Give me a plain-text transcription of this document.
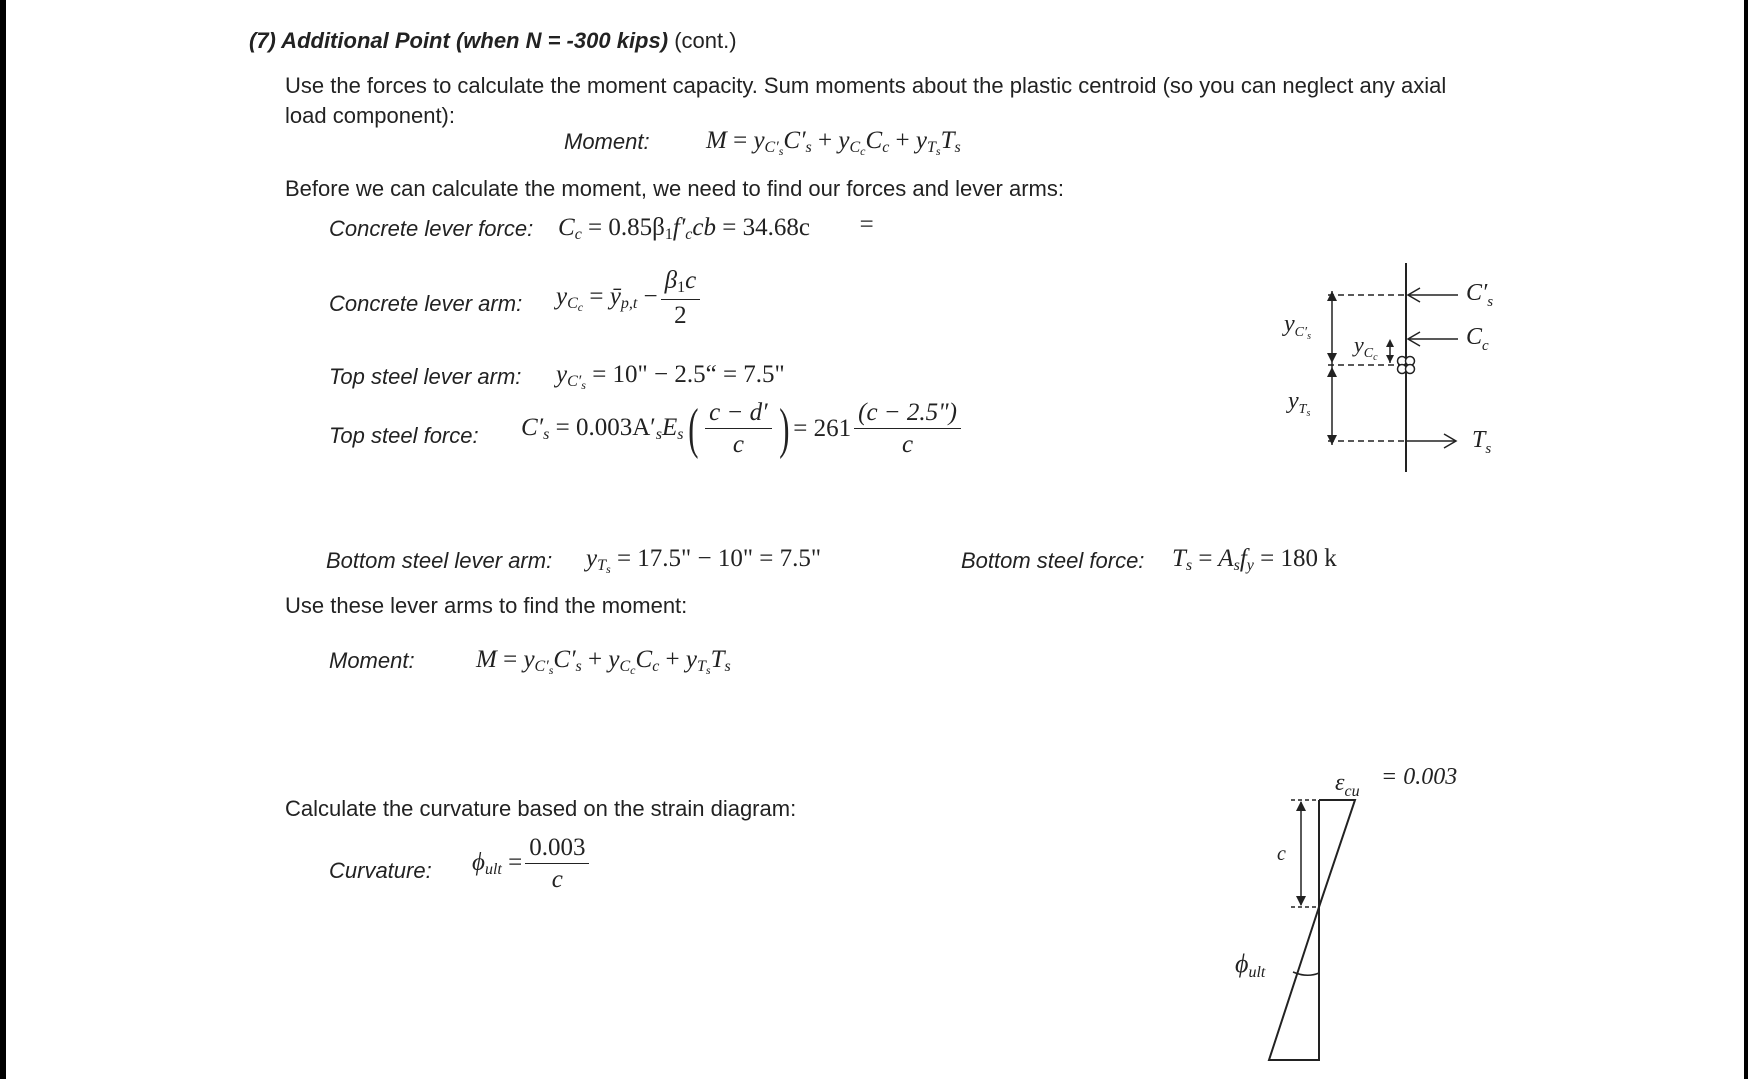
(7) Additional Point (when N = -300 kips) (cont.)
Use the forces to calculate the moment capacity. Sum moments about the plastic centroid (so you can neglect any axial
load component):
Moment: $M = y_{C'_s}C'_s + y_{C_c}C_c + y_{T_s}T_s$
Before we can calculate the moment, we need to find our forces and lever arms:
Concrete lever force: $C_c = 0.85\beta_1f'_ccb = 34.68c$ =
Concrete lever arm: $y_{C_c}$ = $ȳ_{p,t} - \frac{\beta_1c}{2}$
Top steel lever arm: $y_{C'_s} = 10$" − 2.5“ = 7.5"
Top steel force: $C'_s = 0.003A'_sE_s( \frac{c - d'}{c}$ ) = $261 \frac{(c - 2.5")}{c}$
Bottom steel lever arm: $y_{T_s} = 17.5$" − 10" = 7.5"	Bottom steel force: $T_s = A_sf_y = 180$ k
Use these lever arms to find the moment:
Moment: $M = y_{C'_s}C'_s + y_{C_c}C_c + y_{T_s}T_s$
Calculate the curvature based on the strain diagram:
Curvature: $\phi_{ult} = \frac{0.003}{c}$
$C'_s$
$C_c$
$y_{C'}s$ $y_Cc$
$y_Ts$
$T_s$
$\varepsilon_{cu}$
= 0.003
c
ϕult
